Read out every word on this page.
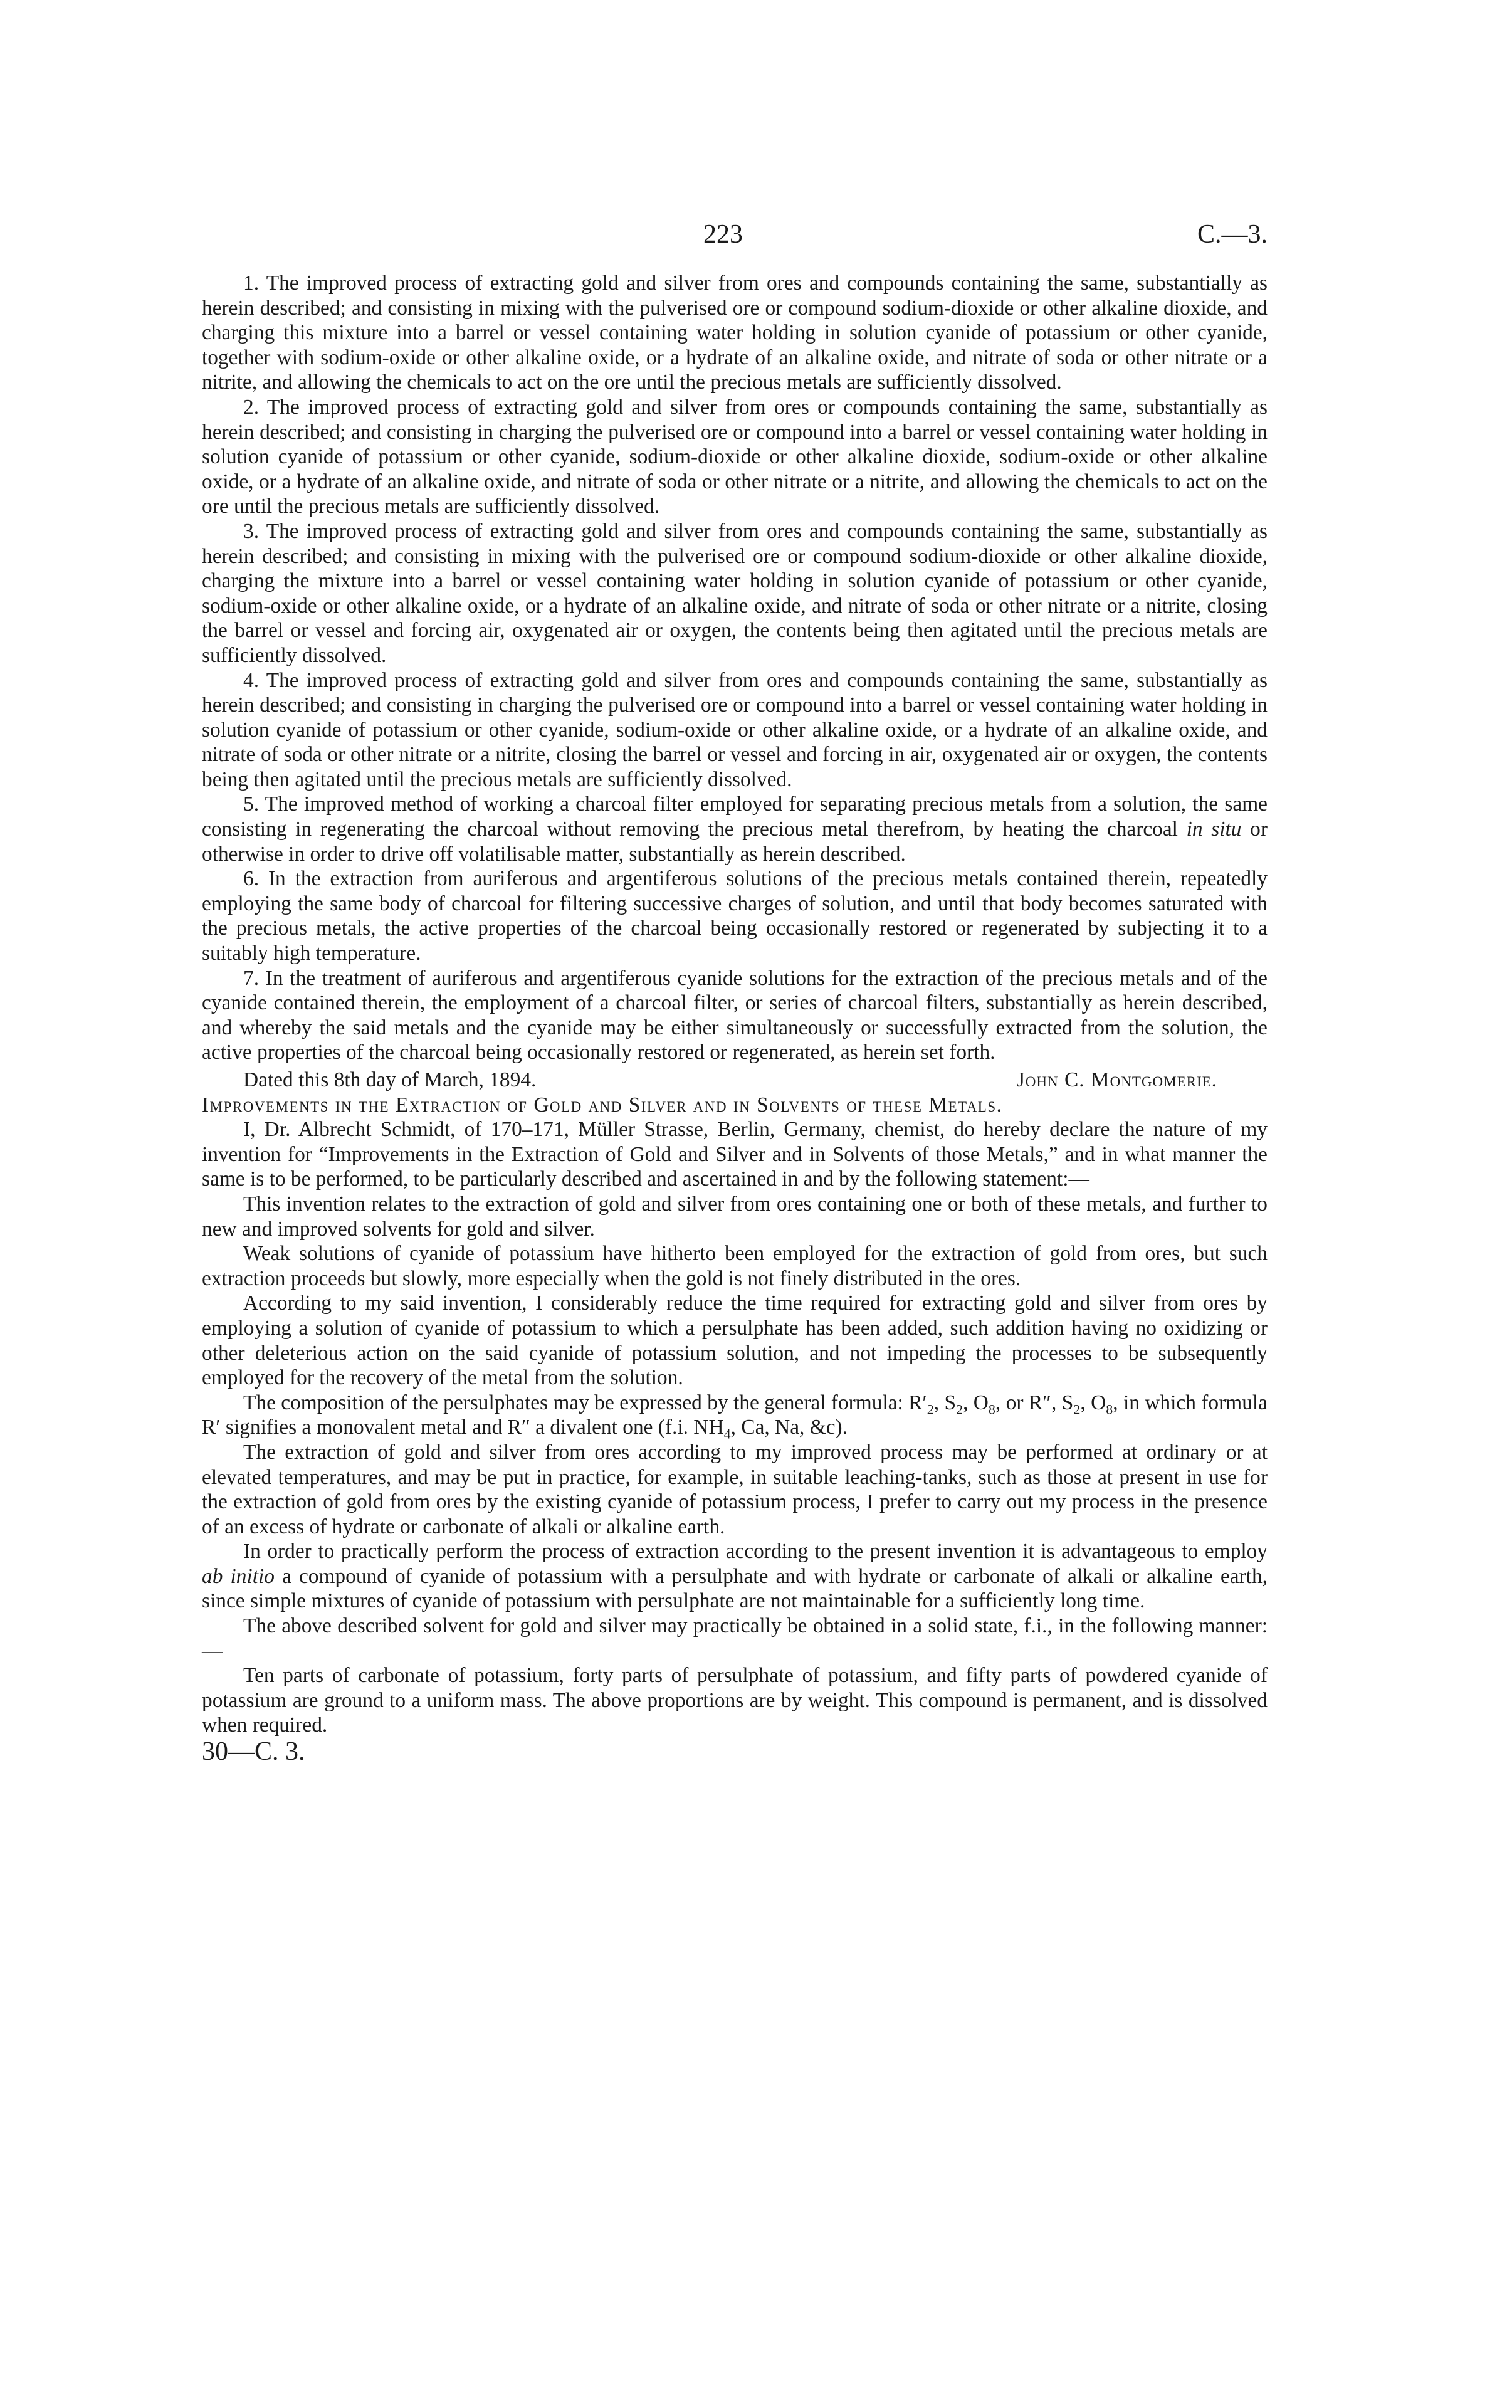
223	C.—3.

1. The improved process of extracting gold and silver from ores and compounds containing the same, substantially as herein described; and consisting in mixing with the pulverised ore or compound sodium-dioxide or other alkaline dioxide, and charging this mixture into a barrel or vessel containing water holding in solution cyanide of potassium or other cyanide, together with sodium-oxide or other alkaline oxide, or a hydrate of an alkaline oxide, and nitrate of soda or other nitrate or a nitrite, and allowing the chemicals to act on the ore until the precious metals are sufficiently dissolved.

2. The improved process of extracting gold and silver from ores or compounds containing the same, substantially as herein described; and consisting in charging the pulverised ore or compound into a barrel or vessel containing water holding in solution cyanide of potassium or other cyanide, sodium-dioxide or other alkaline dioxide, sodium-oxide or other alkaline oxide, or a hydrate of an alkaline oxide, and nitrate of soda or other nitrate or a nitrite, and allowing the chemicals to act on the ore until the precious metals are sufficiently dissolved.

3. The improved process of extracting gold and silver from ores and compounds containing the same, substantially as herein described; and consisting in mixing with the pulverised ore or compound sodium-dioxide or other alkaline dioxide, charging the mixture into a barrel or vessel containing water holding in solution cyanide of potassium or other cyanide, sodium-oxide or other alkaline oxide, or a hydrate of an alkaline oxide, and nitrate of soda or other nitrate or a nitrite, closing the barrel or vessel and forcing air, oxygenated air or oxygen, the contents being then agitated until the precious metals are sufficiently dissolved.

4. The improved process of extracting gold and silver from ores and compounds containing the same, substantially as herein described; and consisting in charging the pulverised ore or compound into a barrel or vessel containing water holding in solution cyanide of potassium or other cyanide, sodium-oxide or other alkaline oxide, or a hydrate of an alkaline oxide, and nitrate of soda or other nitrate or a nitrite, closing the barrel or vessel and forcing in air, oxygenated air or oxygen, the contents being then agitated until the precious metals are sufficiently dissolved.

5. The improved method of working a charcoal filter employed for separating precious metals from a solution, the same consisting in regenerating the charcoal without removing the precious metal therefrom, by heating the charcoal in situ or otherwise in order to drive off volatilisable matter, substantially as herein described.

6. In the extraction from auriferous and argentiferous solutions of the precious metals contained therein, repeatedly employing the same body of charcoal for filtering successive charges of solution, and until that body becomes saturated with the precious metals, the active properties of the charcoal being occasionally restored or regenerated by subjecting it to a suitably high temperature.

7. In the treatment of auriferous and argentiferous cyanide solutions for the extraction of the precious metals and of the cyanide contained therein, the employment of a charcoal filter, or series of charcoal filters, substantially as herein described, and whereby the said metals and the cyanide may be either simultaneously or successfully extracted from the solution, the active properties of the charcoal being occasionally restored or regenerated, as herein set forth.

Dated this 8th day of March, 1894.	John C. Montgomerie.

Improvements in the Extraction of Gold and Silver and in Solvents of these Metals.

I, Dr. Albrecht Schmidt, of 170–171, Müller Strasse, Berlin, Germany, chemist, do hereby declare the nature of my invention for “Improvements in the Extraction of Gold and Silver and in Solvents of those Metals,” and in what manner the same is to be performed, to be particularly described and ascertained in and by the following statement:—

This invention relates to the extraction of gold and silver from ores containing one or both of these metals, and further to new and improved solvents for gold and silver.

Weak solutions of cyanide of potassium have hitherto been employed for the extraction of gold from ores, but such extraction proceeds but slowly, more especially when the gold is not finely distributed in the ores.

According to my said invention, I considerably reduce the time required for extracting gold and silver from ores by employing a solution of cyanide of potassium to which a persulphate has been added, such addition having no oxidizing or other deleterious action on the said cyanide of potassium solution, and not impeding the processes to be subsequently employed for the recovery of the metal from the solution.

The composition of the persulphates may be expressed by the general formula: $R'_2$, $S_2$, $O_8$, or R″, $S_2$, $O_8$, in which formula R′ signifies a monovalent metal and R″ a divalent one (f.i. $NH_4$, Ca, Na, &c).

The extraction of gold and silver from ores according to my improved process may be performed at ordinary or at elevated temperatures, and may be put in practice, for example, in suitable leaching-tanks, such as those at present in use for the extraction of gold from ores by the existing cyanide of potassium process, I prefer to carry out my process in the presence of an excess of hydrate or carbonate of alkali or alkaline earth.

In order to practically perform the process of extraction according to the present invention it is advantageous to employ ab initio a compound of cyanide of potassium with a persulphate and with hydrate or carbonate of alkali or alkaline earth, since simple mixtures of cyanide of potassium with persulphate are not maintainable for a sufficiently long time.

The above described solvent for gold and silver may practically be obtained in a solid state, f.i., in the following manner:—

Ten parts of carbonate of potassium, forty parts of persulphate of potassium, and fifty parts of powdered cyanide of potassium are ground to a uniform mass. The above proportions are by weight. This compound is permanent, and is dissolved when required.

30—C. 3.
